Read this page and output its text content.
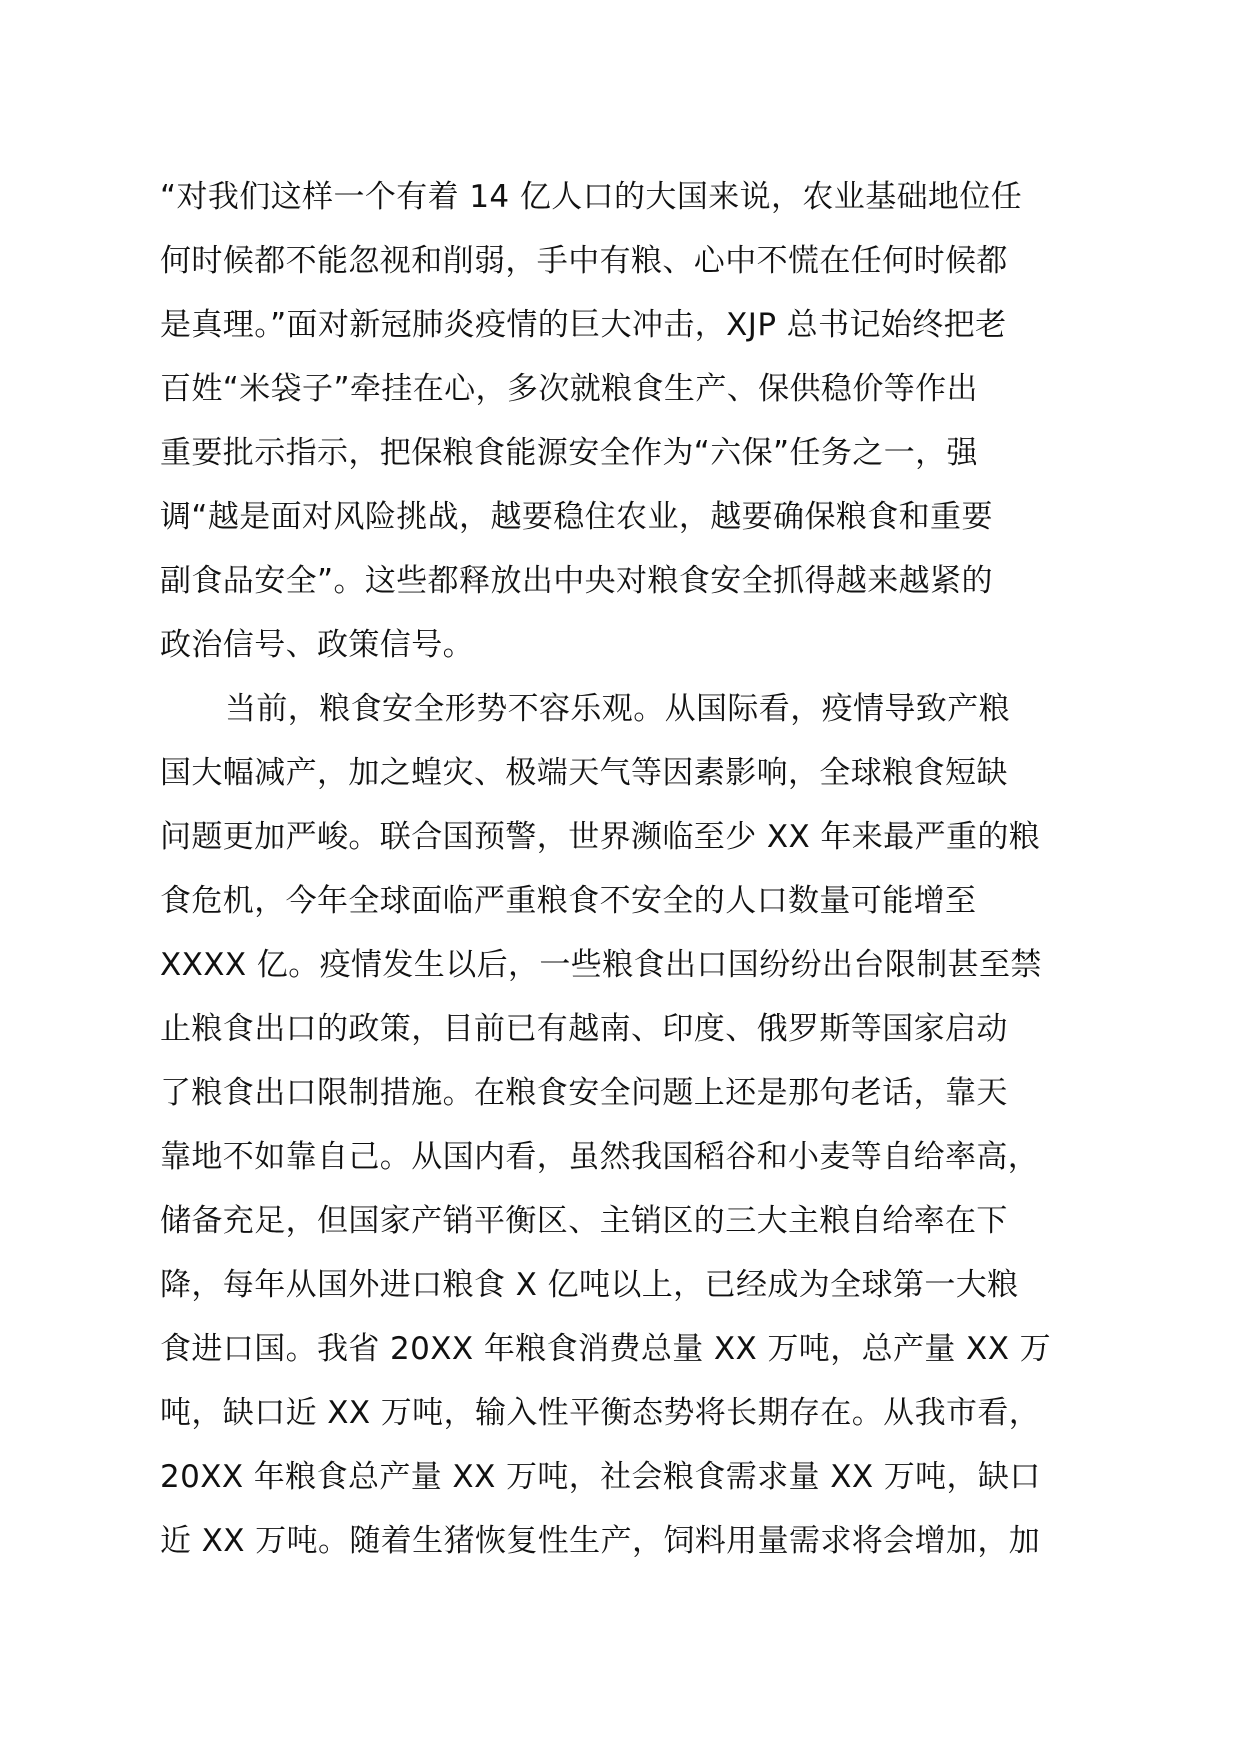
“对我们这样一个有着 14 亿人口的大国来说，农业基础地位任
何时候都不能忽视和削弱，手中有粮、心中不慌在任何时候都
是真理。”面对新冠肺炎疫情的巨大冲击，XJP 总书记始终把老
百姓“米袋子”牵挂在心，多次就粮食生产、保供稳价等作出
重要批示指示，把保粮食能源安全作为“六保”任务之一，强
调“越是面对风险挑战，越要稳住农业，越要确保粮食和重要
副食品安全”。这些都释放出中央对粮食安全抓得越来越紧的
政治信号、政策信号。
当前，粮食安全形势不容乐观。从国际看，疫情导致产粮
国大幅减产，加之蝗灾、极端天气等因素影响，全球粮食短缺
问题更加严峻。联合国预警，世界濒临至少 XX 年来最严重的粮
食危机，今年全球面临严重粮食不安全的人口数量可能增至
XXXX 亿。疫情发生以后，一些粮食出口国纷纷出台限制甚至禁
止粮食出口的政策，目前已有越南、印度、俄罗斯等国家启动
了粮食出口限制措施。在粮食安全问题上还是那句老话，靠天
靠地不如靠自己。从国内看，虽然我国稻谷和小麦等自给率高，
储备充足，但国家产销平衡区、主销区的三大主粮自给率在下
降，每年从国外进口粮食 X 亿吨以上，已经成为全球第一大粮
食进口国。我省 20XX 年粮食消费总量 XX 万吨，总产量 XX 万
吨，缺口近 XX 万吨，输入性平衡态势将长期存在。从我市看，
20XX 年粮食总产量 XX 万吨，社会粮食需求量 XX 万吨，缺口
近 XX 万吨。随着生猪恢复性生产，饲料用量需求将会增加，加
